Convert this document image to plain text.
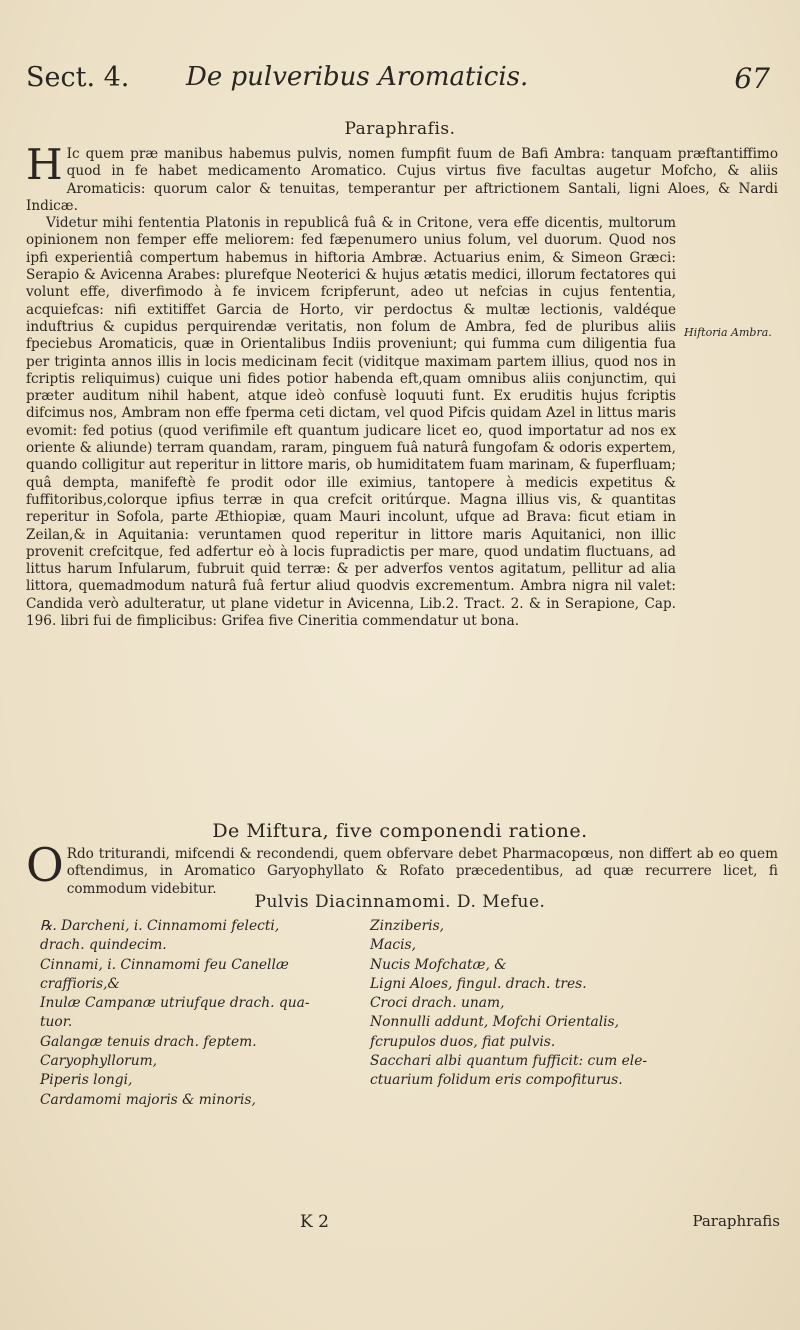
Sect. 4. De pulveribus Aromaticis.	67
Paraphrafis.
Hiftoria Ambra.

H Ic quem præ manibus habemus pulvis, nomen fumpfit fuum de Bafi Ambra: tanquam præftantiffimo quod in fe habet medicamento Aromatico. Cujus virtus five facultas augetur Mofcho, & aliis Aromaticis: quorum calor & tenuitas, temperantur per aftrictionem Santali, ligni Aloes, & Nardi Indicæ.

Videtur mihi fententia Platonis in republicâ fuâ & in Critone, vera effe dicentis, multorum opinionem non femper effe meliorem: fed fæpenumero unius folum, vel duorum. Quod nos ipfi experientiâ compertum habemus in hiftoria Ambræ. Actuarius enim, & Simeon Græci: Serapio & Avicenna Arabes: plurefque Neoterici & hujus ætatis medici, illorum fectatores qui volunt effe, diverfimodo à fe invicem fcripferunt, adeo ut nefcias in cujus fententia, acquiefcas: nifi extitiffet Garcia de Horto, vir perdoctus & multæ lectionis, valdéque induftrius & cupidus perquirendæ veritatis, non folum de Ambra, fed de pluribus aliis fpeciebus Aromaticis, quæ in Orientalibus Indiis proveniunt; qui fumma cum diligentia fua per triginta annos illis in locis medicinam fecit (viditque maximam partem illius, quod nos in fcriptis reliquimus) cuique uni fides potior habenda eft,quam omnibus aliis conjunctim, qui præter auditum nihil habent, atque ideò confusè loquuti funt. Ex eruditis hujus fcriptis difcimus nos, Ambram non effe fperma ceti dictam, vel quod Pifcis quidam Azel in littus maris evomit: fed potius (quod verifimile eft quantum judicare licet eo, quod importatur ad nos ex oriente & aliunde) terram quandam, raram, pinguem fuâ naturâ fungofam & odoris expertem, quando colligitur aut reperitur in littore maris, ob humiditatem fuam marinam, & fuperfluam; quâ dempta, manifeftè fe prodit odor ille eximius, tantopere à medicis expetitus & fuffitoribus,colorque ipfius terræ in qua crefcit oritúrque. Magna illius vis, & quantitas reperitur in Sofola, parte Æthiopiæ, quam Mauri incolunt, ufque ad Brava: ficut etiam in Zeilan,& in Aquitania: veruntamen quod reperitur in littore maris Aquitanici, non illic provenit crefcitque, fed adfertur eò à locis fupradictis per mare, quod undatim fluctuans, ad littus harum Infularum, fubruit quid terræ: & per adverfos ventos agitatum, pellitur ad alia littora, quemadmodum naturâ fuâ fertur aliud quodvis excrementum. Ambra nigra nil valet: Candida verò adulteratur, ut plane videtur in Avicenna, Lib.2. Tract. 2. & in Serapione, Cap. 196. libri fui de fimplicibus: Grifea five Cineritia commendatur ut bona.

De Miftura, five componendi ratione.

O Rdo triturandi, mifcendi & recondendi, quem obfervare debet Pharmacopœus, non differt ab eo quem oftendimus, in Aromatico Garyophyllato & Rofato præcedentibus, ad quæ recurrere licet, fi commodum videbitur.

Pulvis Diacinnamomi. D. Mefue.
℞. Darcheni, i. Cinnamomi felecti,
drach. quindecim.
Cinnami, i. Cinnamomi feu Canellæ
craffioris,&
Inulæ Campanæ utriufque drach. qua-
tuor.
Galangæ tenuis drach. feptem.
Caryophyllorum,
Piperis longi,
Cardamomi majoris & minoris,
Zinziberis,
Macis,
Nucis Mofchatæ, &
Ligni Aloes, fingul. drach. tres.
Croci drach. unam,
Nonnulli addunt, Mofchi Orientalis,
fcrupulos duos, fiat pulvis.
Sacchari albi quantum fufficit: cum ele-
ctuarium folidum eris compofiturus.
K 2	Paraphrafis
